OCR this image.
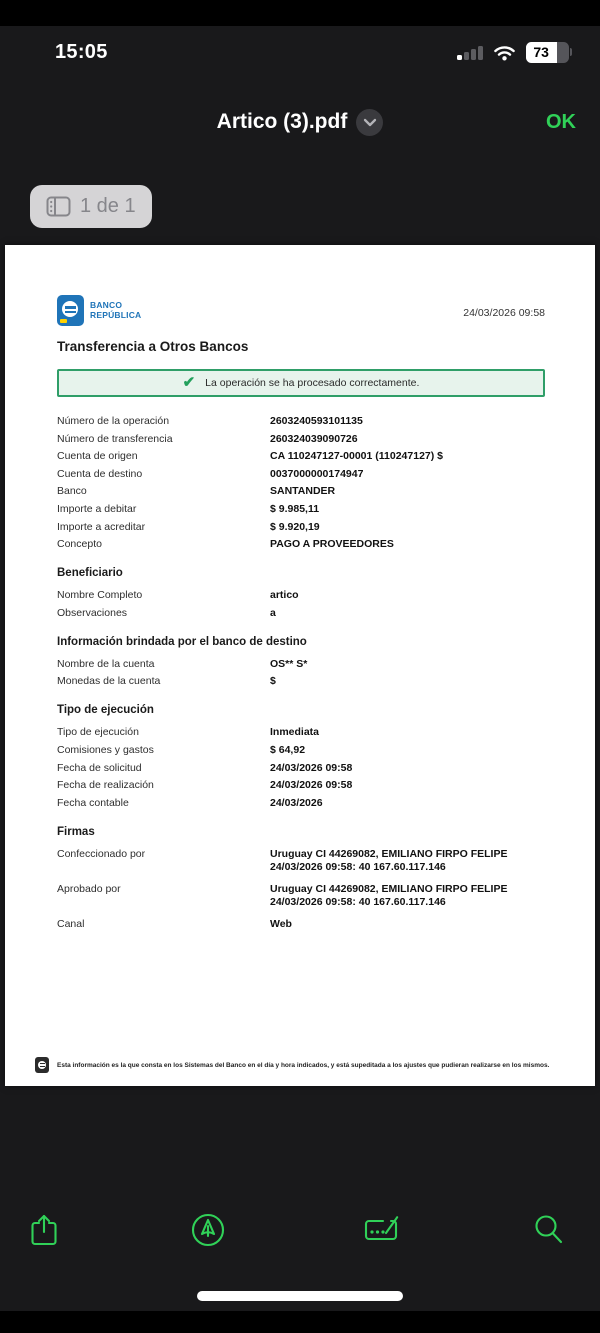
15:05	73
Artico (3).pdf	OK
1 de 1
BANCO
REPÚBLICA	24/03/2026 09:58
Transferencia a Otros Bancos
✔ La operación se ha procesado correctamente.
Número de la operación	2603240593101135
Número de transferencia	260324039090726
Cuenta de origen	CA 110247127-00001 (110247127) $
Cuenta de destino	0037000000174947
Banco	SANTANDER
Importe a debitar	$ 9.985,11
Importe a acreditar	$ 9.920,19
Concepto	PAGO A PROVEEDORES
Beneficiario
Nombre Completo	artico
Observaciones	a
Información brindada por el banco de destino
Nombre de la cuenta	OS** S*
Monedas de la cuenta	$
Tipo de ejecución
Tipo de ejecución	Inmediata
Comisiones y gastos	$ 64,92
Fecha de solicitud	24/03/2026 09:58
Fecha de realización	24/03/2026 09:58
Fecha contable	24/03/2026
Firmas
Confeccionado por	Uruguay CI 44269082, EMILIANO FIRPO FELIPE 24/03/2026 09:58: 40 167.60.117.146
Aprobado por	Uruguay CI 44269082, EMILIANO FIRPO FELIPE 24/03/2026 09:58: 40 167.60.117.146
Canal	Web
Esta información es la que consta en los Sistemas del Banco en el día y hora indicados, y está supeditada a los ajustes que pudieran realizarse en los mismos.
